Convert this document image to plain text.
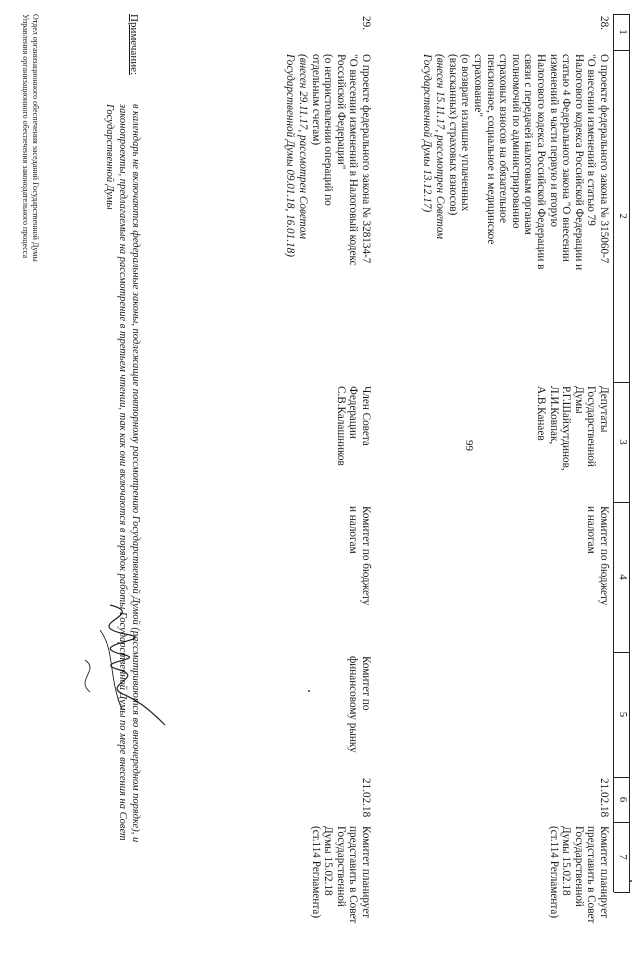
99
1
2
3
4
5
6
7
28.
О проекте федерального закона № 315060-7
"О внесении изменений в статью 79
Налогового кодекса Российской Федерации и
статью 4 Федерального закона "О внесении
изменений в части первую и вторую
Налогового кодекса Российской Федерации в
связи с передачей налоговым органам
полномочий по администрированию
страховых взносов на обязательное
пенсионное, социальное и медицинское
страхование"
(о возврате излишне уплаченных
(взысканных) страховых взносов)
(внесен 15.11.17, рассмотрен Советом
Государственной Думы 13.12.17)
Депутаты
Государственной
Думы
Р.Г.Шайхутдинов,
Л.И.Ковпак,
А.В.Канаев
Комитет по бюджету
и налогам
21.02.18
Комитет планирует
представить в Совет
Государственной
Думы 15.02.18
(ст.114 Регламента)
29.
О проекте федерального закона № 328134-7
"О внесении изменений в Налоговый кодекс
Российской Федерации"
(о непристовлении операций по
отдельным счетам)
(внесен 29.11.17, рассмотрен Советом
Государственной Думы 09.01.18, 16.01.18)
Член Совета
Федерации
С.В.Калашников
Комитет по бюджету
и налогам
Комитет по
финансовому рынку
21.02.18
Комитет планирует
представить в Совет
Государственной
Думы 15.02.18
(ст.114 Регламента)
Примечание:
в календарь не включаются федеральные законы, подлежащие повторному рассмотрению Государственной Думой (рассматриваются во внеочередном порядке), и законопроекты, предлагаемые на рассмотрение в третьем чтении, так как они включаются в порядок работы Государственной Думы по мере внесения на Совет Государственной Думы
Отдел организационного обеспечения заседаний Государственной Думы
Управления организационного обеспечения законодательного процесса
